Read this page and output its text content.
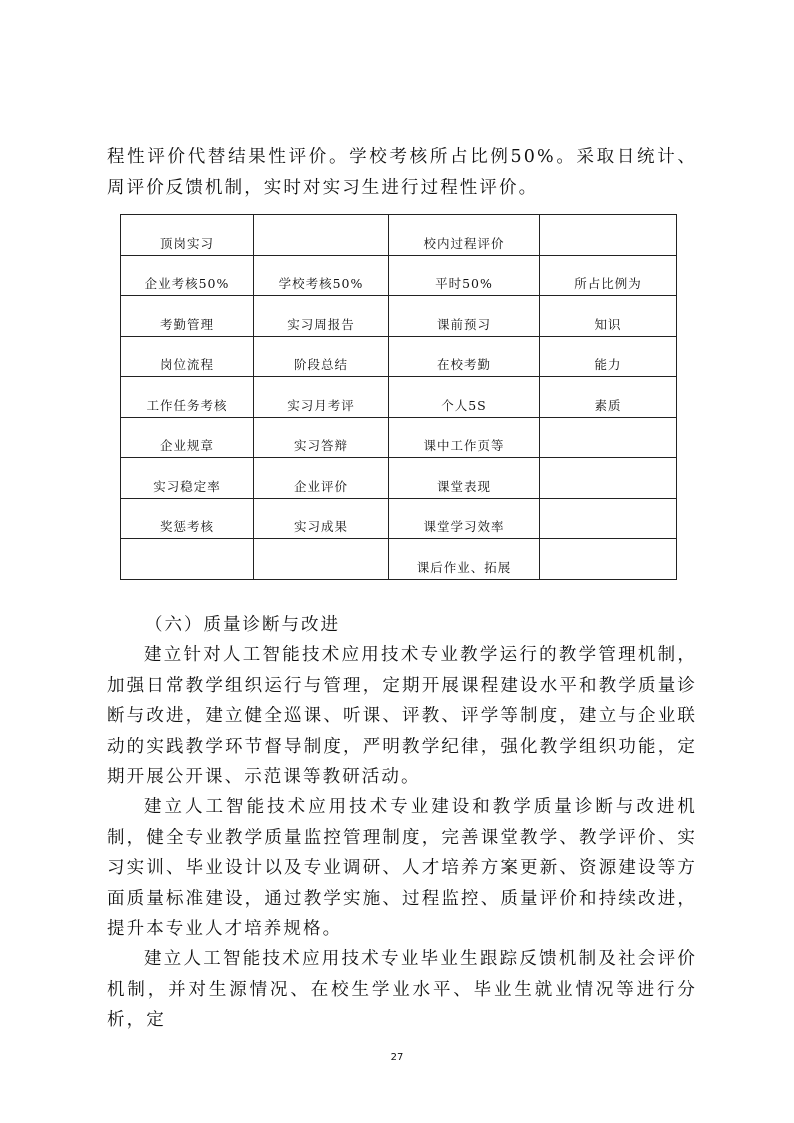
程性评价代替结果性评价。学校考核所占比例50%。采取日统计、周评价反馈机制，实时对实习生进行过程性评价。

顶岗实习		校内过程评价	

企业考核50%	学校考核50%	平时50%	所占比例为

考勤管理	实习周报告	课前预习	知识

岗位流程	阶段总结	在校考勤	能力

工作任务考核	实习月考评	个人5S	素质

企业规章	实习答辩	课中工作页等	

实习稳定率	企业评价	课堂表现	

奖惩考核	实习成果	课堂学习效率	

		课后作业、拓展	

（六）质量诊断与改进

建立针对人工智能技术应用技术专业教学运行的教学管理机制，加强日常教学组织运行与管理，定期开展课程建设水平和教学质量诊断与改进，建立健全巡课、听课、评教、评学等制度，建立与企业联动的实践教学环节督导制度，严明教学纪律，强化教学组织功能，定期开展公开课、示范课等教研活动。

建立人工智能技术应用技术专业建设和教学质量诊断与改进机制，健全专业教学质量监控管理制度，完善课堂教学、教学评价、实习实训、毕业设计以及专业调研、人才培养方案更新、资源建设等方面质量标准建设，通过教学实施、过程监控、质量评价和持续改进，提升本专业人才培养规格。

建立人工智能技术应用技术专业毕业生跟踪反馈机制及社会评价机制，并对生源情况、在校生学业水平、毕业生就业情况等进行分析，定

27
